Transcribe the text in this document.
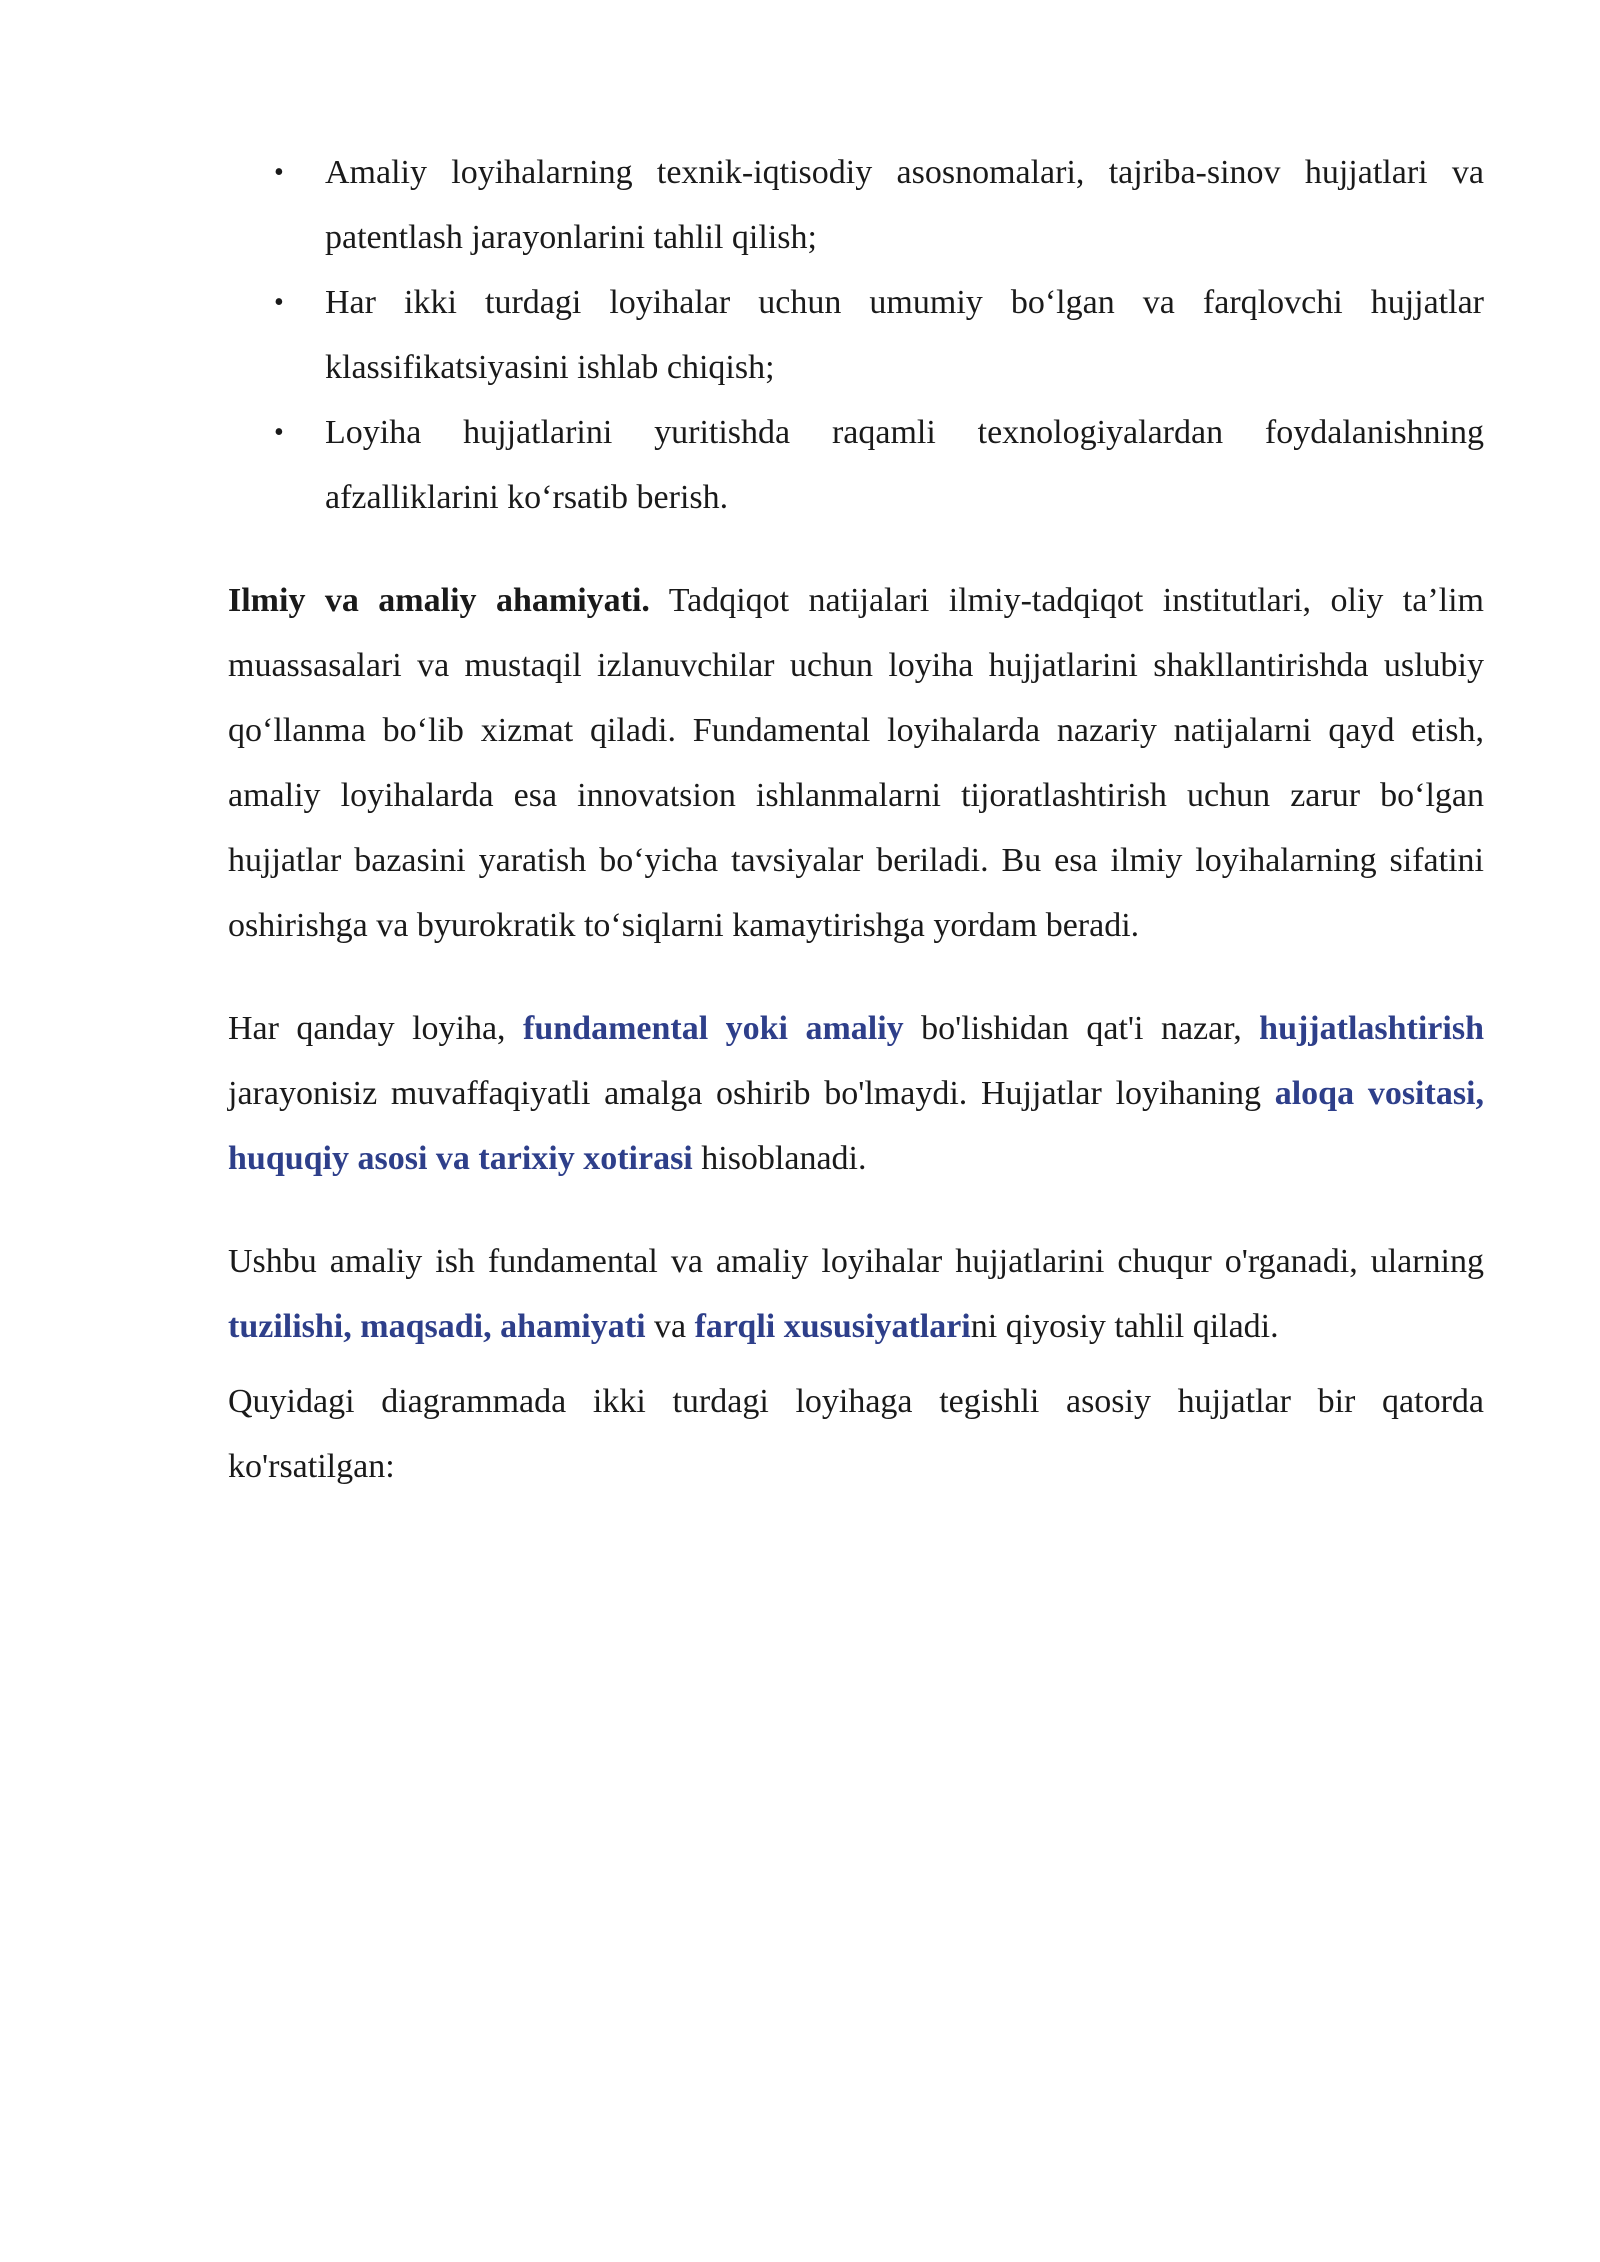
• Amaliy loyihalarning texnik-iqtisodiy asosnomalari, tajriba-sinov hujjatlari va patentlash jarayonlarini tahlil qilish;
• Har ikki turdagi loyihalar uchun umumiy bo‘lgan va farqlovchi hujjatlar klassifikatsiyasini ishlab chiqish;
• Loyiha hujjatlarini yuritishda raqamli texnologiyalardan foydalanishning afzalliklarini ko‘rsatib berish.

Ilmiy va amaliy ahamiyati. Tadqiqot natijalari ilmiy-tadqiqot institutlari, oliy ta’lim muassasalari va mustaqil izlanuvchilar uchun loyiha hujjatlarini shakllantirishda uslubiy qo‘llanma bo‘lib xizmat qiladi. Fundamental loyihalarda nazariy natijalarni qayd etish, amaliy loyihalarda esa innovatsion ishlanmalarni tijoratlashtirish uchun zarur bo‘lgan hujjatlar bazasini yaratish bo‘yicha tavsiyalar beriladi. Bu esa ilmiy loyihalarning sifatini oshirishga va byurokratik to‘siqlarni kamaytirishga yordam beradi.

Har qanday loyiha, fundamental yoki amaliy bo'lishidan qat'i nazar, hujjatlashtirish jarayonisiz muvaffaqiyatli amalga oshirib bo'lmaydi. Hujjatlar loyihaning aloqa vositasi, huquqiy asosi va tarixiy xotirasi hisoblanadi.

Ushbu amaliy ish fundamental va amaliy loyihalar hujjatlarini chuqur o'rganadi, ularning tuzilishi, maqsadi, ahamiyati va farqli xususiyatlarini qiyosiy tahlil qiladi.

Quyidagi diagrammada ikki turdagi loyihaga tegishli asosiy hujjatlar bir qatorda ko'rsatilgan:
